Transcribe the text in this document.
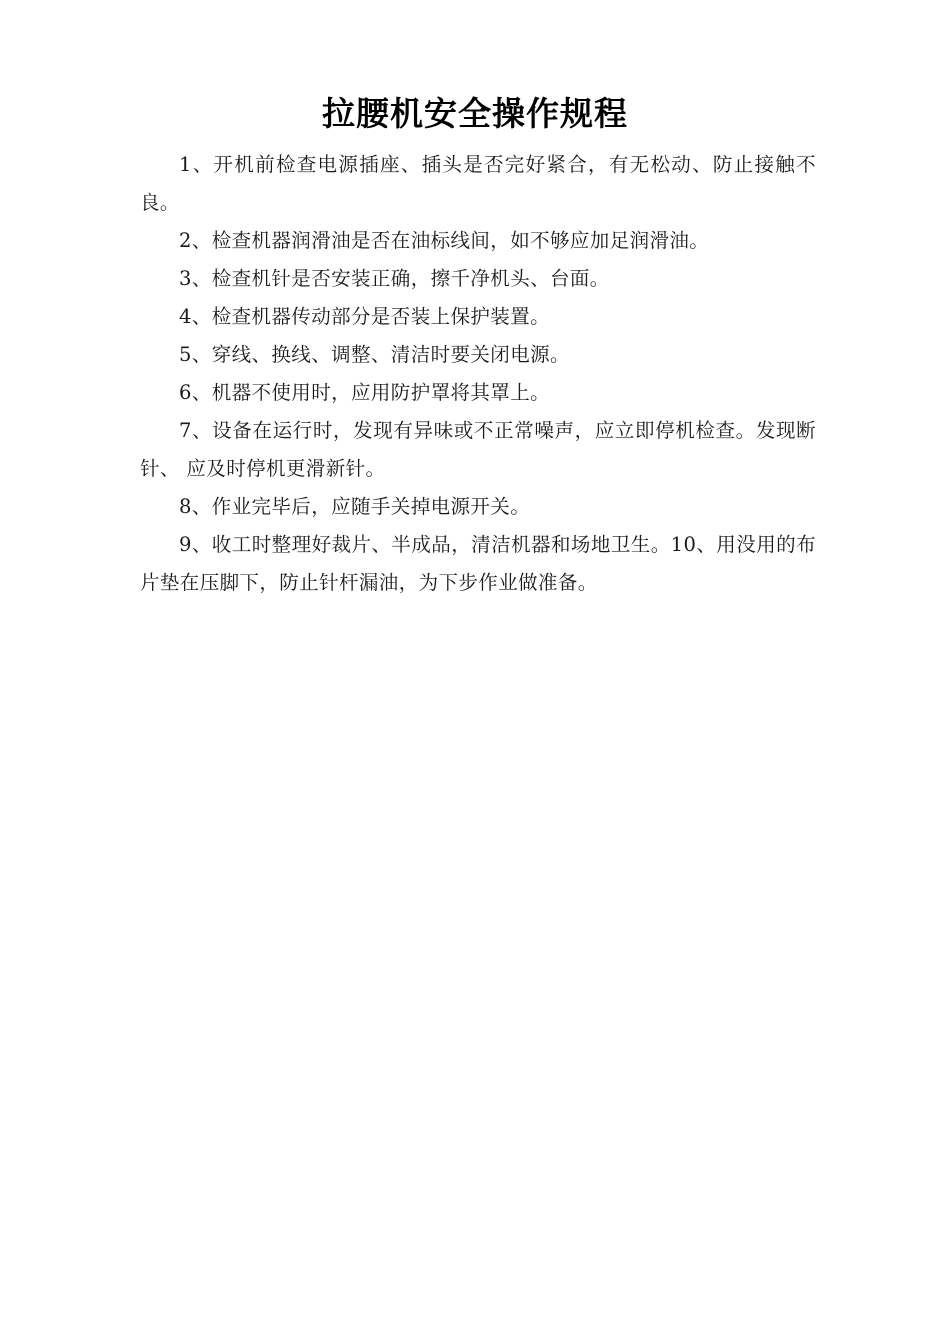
拉腰机安全操作规程

1、开机前检查电源插座、插头是否完好紧合，有无松动、防止接触不良。

2、检查机器润滑油是否在油标线间，如不够应加足润滑油。

3、检查机针是否安装正确，擦千净机头、台面。

4、检查机器传动部分是否装上保护装置。

5、穿线、换线、调整、清洁时要关闭电源。

6、机器不使用时，应用防护罩将其罩上。

7、设备在运行时，发现有异味或不正常噪声，应立即停机检查。发现断针、 应及时停机更滑新针。

8、作业完毕后，应随手关掉电源开关。

9、收工时整理好裁片、半成品，清洁机器和场地卫生。10、用没用的布片垫在压脚下，防止针杆漏油，为下步作业做准备。
